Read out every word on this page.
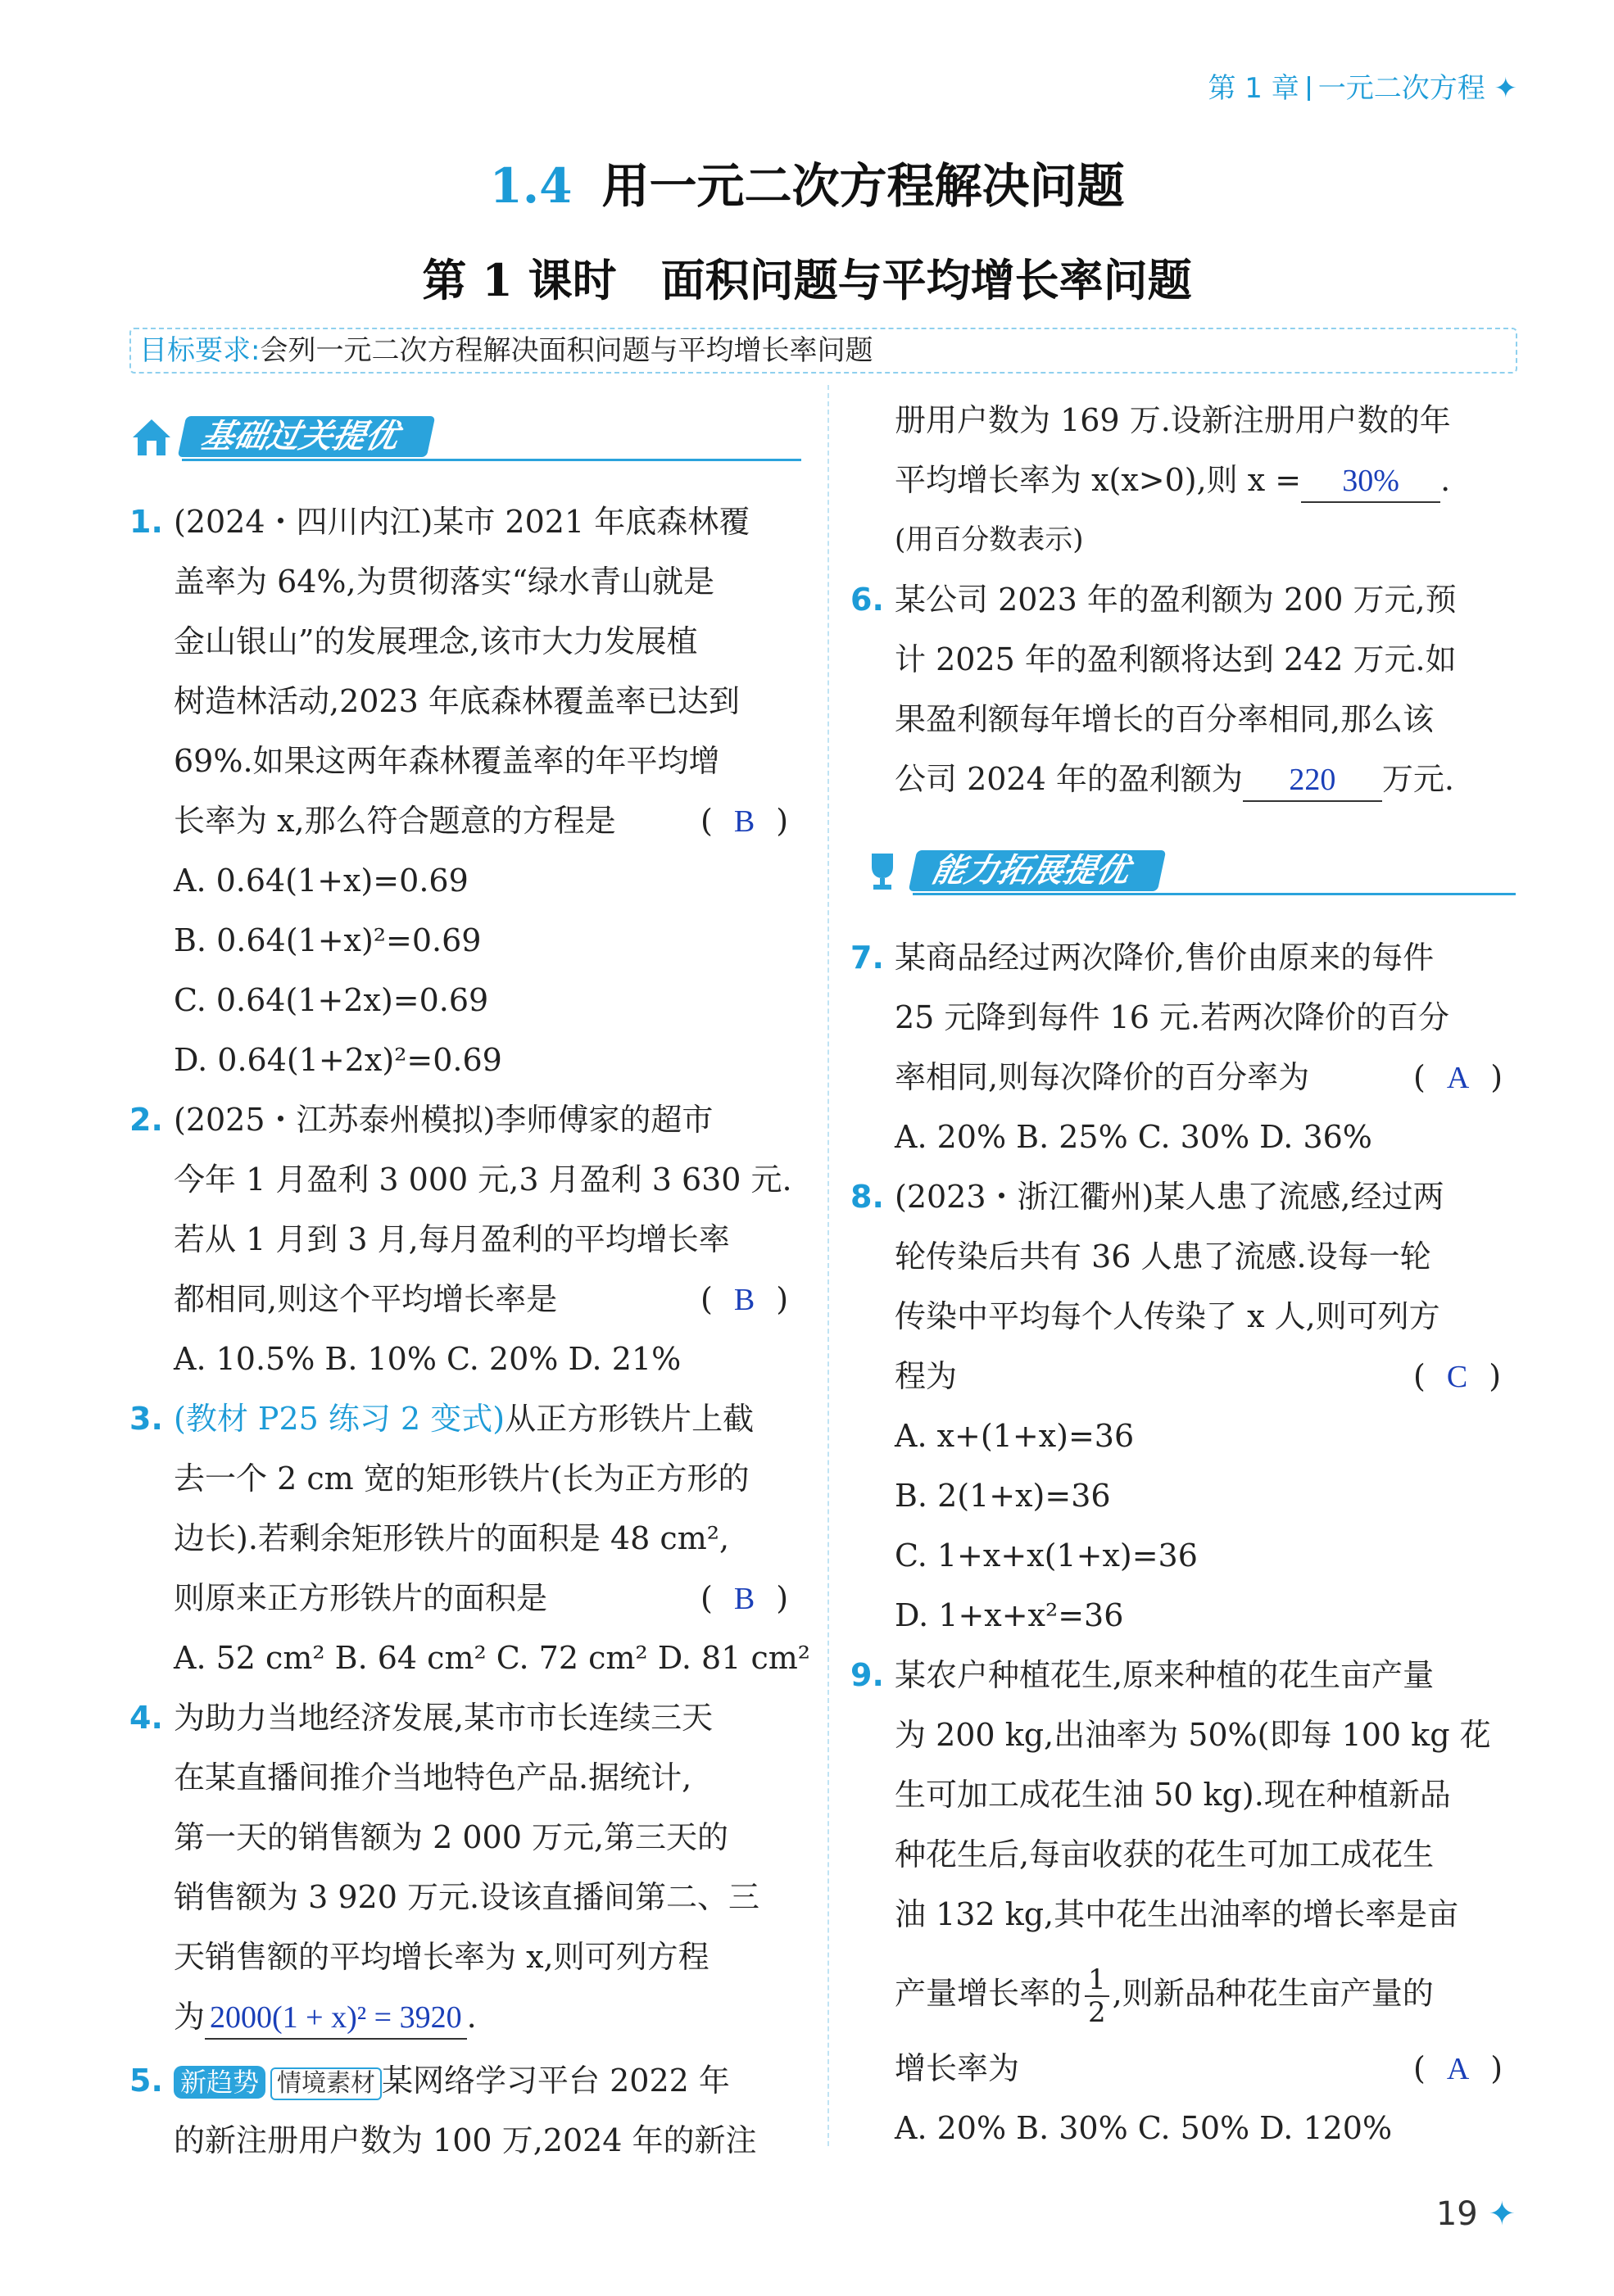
第 1 章 一元二次方程 ✦
1.4 用一元二次方程解决问题
第 1 课时　面积问题与平均增长率问题
目标要求:会列一元二次方程解决面积问题与平均增长率问题
基础过关提优
1. (2024・四川内江)某市 2021 年底森林覆
盖率为 64%,为贯彻落实“绿水青山就是
金山银山”的发展理念,该市大力发展植
树造林活动,2023 年底森林覆盖率已达到
69%.如果这两年森林覆盖率的年平均增
长率为 x,那么符合题意的方程是	( B )
A. 0.64(1+x)=0.69
B. 0.64(1+x)²=0.69
C. 0.64(1+2x)=0.69
D. 0.64(1+2x)²=0.69
2. (2025・江苏泰州模拟)李师傅家的超市
今年 1 月盈利 3 000 元,3 月盈利 3 630 元.
若从 1 月到 3 月,每月盈利的平均增长率
都相同,则这个平均增长率是	( B )
A. 10.5% B. 10% C. 20% D. 21%
3. (教材 P25 练习 2 变式)从正方形铁片上截
去一个 2 cm 宽的矩形铁片(长为正方形的
边长).若剩余矩形铁片的面积是 48 cm²,
则原来正方形铁片的面积是	( B )
A. 52 cm² B. 64 cm² C. 72 cm² D. 81 cm²
4. 为助力当地经济发展,某市市长连续三天
在某直播间推介当地特色产品.据统计,
第一天的销售额为 2 000 万元,第三天的
销售额为 3 920 万元.设该直播间第二、三
天销售额的平均增长率为 x,则可列方程
为 2000(1 + x)² = 3920 .
5. 新趋势 情境素材 某网络学习平台 2022 年
的新注册用户数为 100 万,2024 年的新注
册用户数为 169 万.设新注册用户数的年
平均增长率为 x(x>0),则 x = 30% .
(用百分数表示)
6. 某公司 2023 年的盈利额为 200 万元,预
计 2025 年的盈利额将达到 242 万元.如
果盈利额每年增长的百分率相同,那么该
公司 2024 年的盈利额为 220 万元.
能力拓展提优
7. 某商品经过两次降价,售价由原来的每件
25 元降到每件 16 元.若两次降价的百分
率相同,则每次降价的百分率为	( A )
A. 20% B. 25% C. 30% D. 36%
8. (2023・浙江衢州)某人患了流感,经过两
轮传染后共有 36 人患了流感.设每一轮
传染中平均每个人传染了 x 人,则可列方
程为	( C )
A. x+(1+x)=36
B. 2(1+x)=36
C. 1+x+x(1+x)=36
D. 1+x+x²=36
9. 某农户种植花生,原来种植的花生亩产量
为 200 kg,出油率为 50%(即每 100 kg 花
生可加工成花生油 50 kg).现在种植新品
种花生后,每亩收获的花生可加工成花生
油 132 kg,其中花生出油率的增长率是亩
产量增长率的 $\frac{1}{2}$ ,则新品种花生亩产量的
增长率为	( A )
A. 20% B. 30% C. 50% D. 120%
19 ✦
